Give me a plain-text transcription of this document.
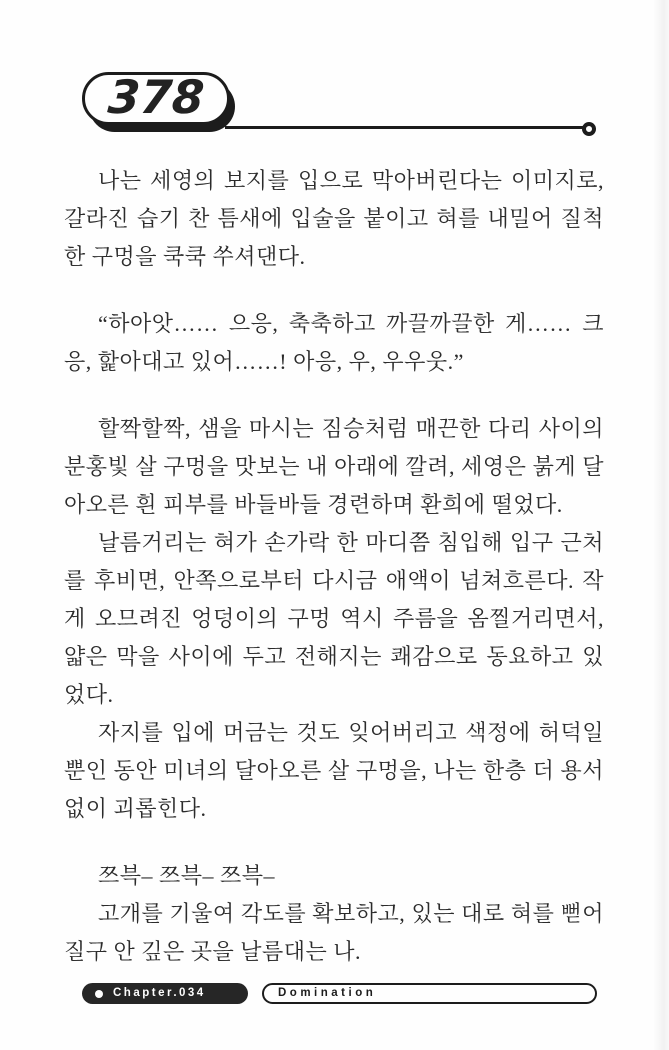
378

나는 세영의 보지를 입으로 막아버린다는 이미지로, 갈라진 습기 찬 틈새에 입술을 붙이고 혀를 내밀어 질척한 구멍을 쿡쿡 쑤셔댄다.

“하아앗…… 으응, 축축하고 까끌까끌한 게…… 크응, 핥아대고 있어……! 아응, 우, 우우웃.”

할짝할짝, 샘을 마시는 짐승처럼 매끈한 다리 사이의 분홍빛 살 구멍을 맛보는 내 아래에 깔려, 세영은 붉게 달아오른 흰 피부를 바들바들 경련하며 환희에 떨었다.

날름거리는 혀가 손가락 한 마디쯤 침입해 입구 근처를 후비면, 안쪽으로부터 다시금 애액이 넘쳐흐른다. 작게 오므려진 엉덩이의 구멍 역시 주름을 옴찔거리면서, 얇은 막을 사이에 두고 전해지는 쾌감으로 동요하고 있었다.

자지를 입에 머금는 것도 잊어버리고 색정에 허덕일 뿐인 동안 미녀의 달아오른 살 구멍을, 나는 한층 더 용서 없이 괴롭힌다.

쯔븍– 쯔븍– 쯔븍–

고개를 기울여 각도를 확보하고, 있는 대로 혀를 뻗어 질구 안 깊은 곳을 날름대는 나.

Chapter.034	Domination
